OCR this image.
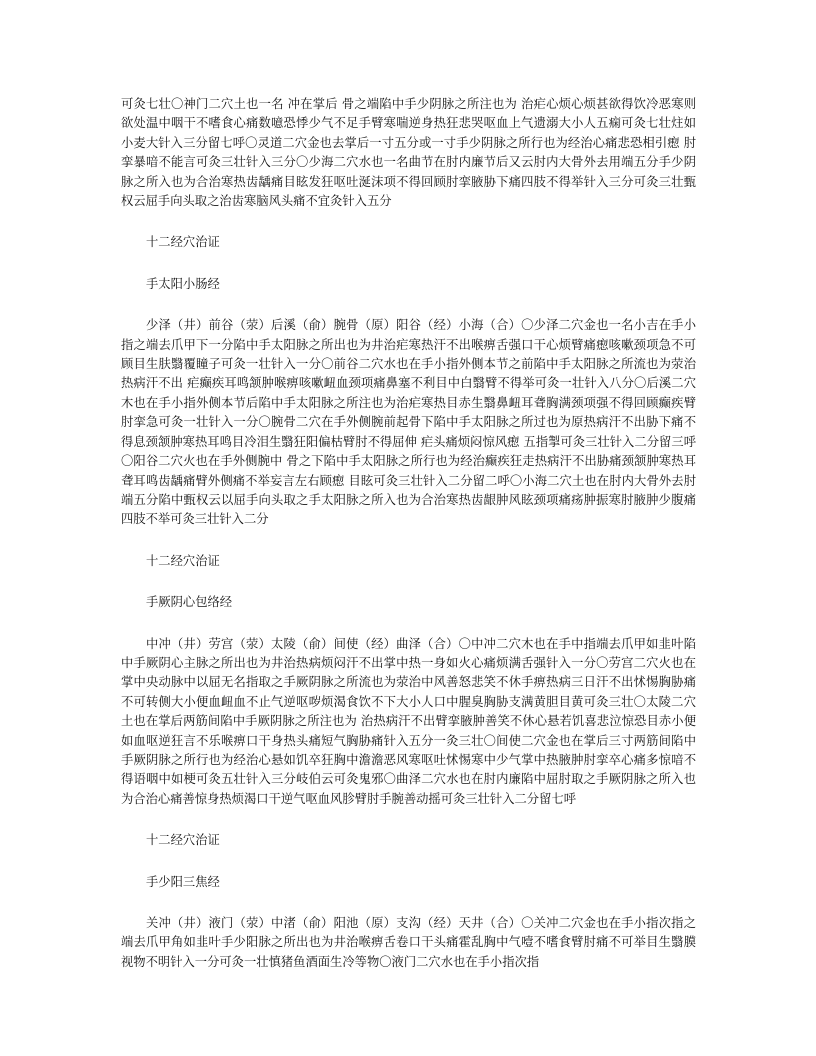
可灸七壮〇神门二穴土也一名 冲在掌后 骨之端陷中手少阴脉之所注也为 治疟心烦心烦甚欲得饮冷恶寒则欲处温中咽干不嗜食心痛数噫恐悸少气不足手臂寒喘逆身热狂悲哭呕血上气遗溺大小人五痫可灸七壮炷如小麦大针入三分留七呼〇灵道二穴金也去掌后一寸五分或一寸手少阴脉之所行也为经治心痛悲恐相引瘛 肘挛暴喑不能言可灸三壮针入三分〇少海二穴水也一名曲节在肘内廉节后又云肘内大骨外去用端五分手少阴脉之所入也为合治寒热齿龋痛目眩发狂呕吐涎沫项不得回顾肘挛腋胁下痛四肢不得举针入三分可灸三壮甄权云屈手向头取之治齿寒脑风头痛不宜灸针入五分

十二经穴治证

手太阳小肠经

少泽（井）前谷（荥）后溪（俞）腕骨（原）阳谷（经）小海（合）〇少泽二穴金也一名小吉在手小指之端去爪甲下一分陷中手太阳脉之所出也为井治疟寒热汗不出喉痹舌强口干心烦臂痛瘛咳嗽颈项急不可顾目生肤翳覆瞳子可灸一壮针入一分〇前谷二穴水也在手小指外侧本节之前陷中手太阳脉之所流也为荥治热病汗不出 疟癫疾耳鸣颔肿喉痹咳嗽衄血颈项痛鼻塞不利目中白翳臂不得举可灸一壮针入八分〇后溪二穴木也在手小指外侧本节后陷中手太阳脉之所注也为治疟寒热目赤生翳鼻衄耳聋胸满颈项强不得回顾癫疾臂肘挛急可灸一壮针入一分〇腕骨二穴在手外侧腕前起骨下陷中手太阳脉之所过也为原热病汗不出胁下痛不得息颈颔肿寒热耳鸣目冷泪生翳狂阳偏枯臂肘不得屈伸 疟头痛烦闷惊风瘛 五指掣可灸三壮针入二分留三呼〇阳谷二穴火也在手外侧腕中 骨之下陷中手太阳脉之所行也为经治癫疾狂走热病汗不出胁痛颈颔肿寒热耳聋耳鸣齿龋痛臂外侧痛不举妄言左右顾瘛 目眩可灸三壮针入二分留二呼〇小海二穴土也在肘内大骨外去肘端五分陷中甄权云以屈手向头取之手太阳脉之所入也为合治寒热齿龈肿风眩颈项痛疡肿振寒肘腋肿少腹痛四肢不举可灸三壮针入二分

十二经穴治证

手厥阴心包络经

中冲（井）劳宫（荥）太陵（俞）间使（经）曲泽（合）〇中冲二穴木也在手中指端去爪甲如韭叶陷中手厥阴心主脉之所出也为井治热病烦闷汗不出掌中热一身如火心痛烦满舌强针入一分〇劳宫二穴火也在掌中央动脉中以屈无名指取之手厥阴脉之所流也为荥治中风善怒悲笑不休手痹热病三日汗不出怵惕胸胁痛不可转侧大小便血衄血不止气逆呕哕烦渴食饮不下大小人口中腥臭胸胁支满黄胆目黄可灸三壮〇太陵二穴土也在掌后两筋间陷中手厥阴脉之所注也为 治热病汗不出臂挛腋肿善笑不休心悬若饥喜悲泣惊恐目赤小便如血呕逆狂言不乐喉痹口干身热头痛短气胸胁痛针入五分一灸三壮〇间使二穴金也在掌后三寸两筋间陷中手厥阴脉之所行也为经治心悬如饥卒狂胸中澹澹恶风寒呕吐怵惕寒中少气掌中热腋肿肘挛卒心痛多惊喑不得语咽中如梗可灸五壮针入三分岐伯云可灸鬼邪〇曲泽二穴水也在肘内廉陷中屈肘取之手厥阴脉之所入也为合治心痛善惊身热烦渴口干逆气呕血风胗臂肘手腕善动摇可灸三壮针入二分留七呼

十二经穴治证

手少阳三焦经

关冲（井）液门（荥）中渚（俞）阳池（原）支沟（经）天井（合）〇关冲二穴金也在手小指次指之端去爪甲角如韭叶手少阳脉之所出也为井治喉痹舌卷口干头痛霍乱胸中气噎不嗜食臂肘痛不可举目生翳膜视物不明针入一分可灸一壮慎猪鱼酒面生冷等物〇液门二穴水也在手小指次指
